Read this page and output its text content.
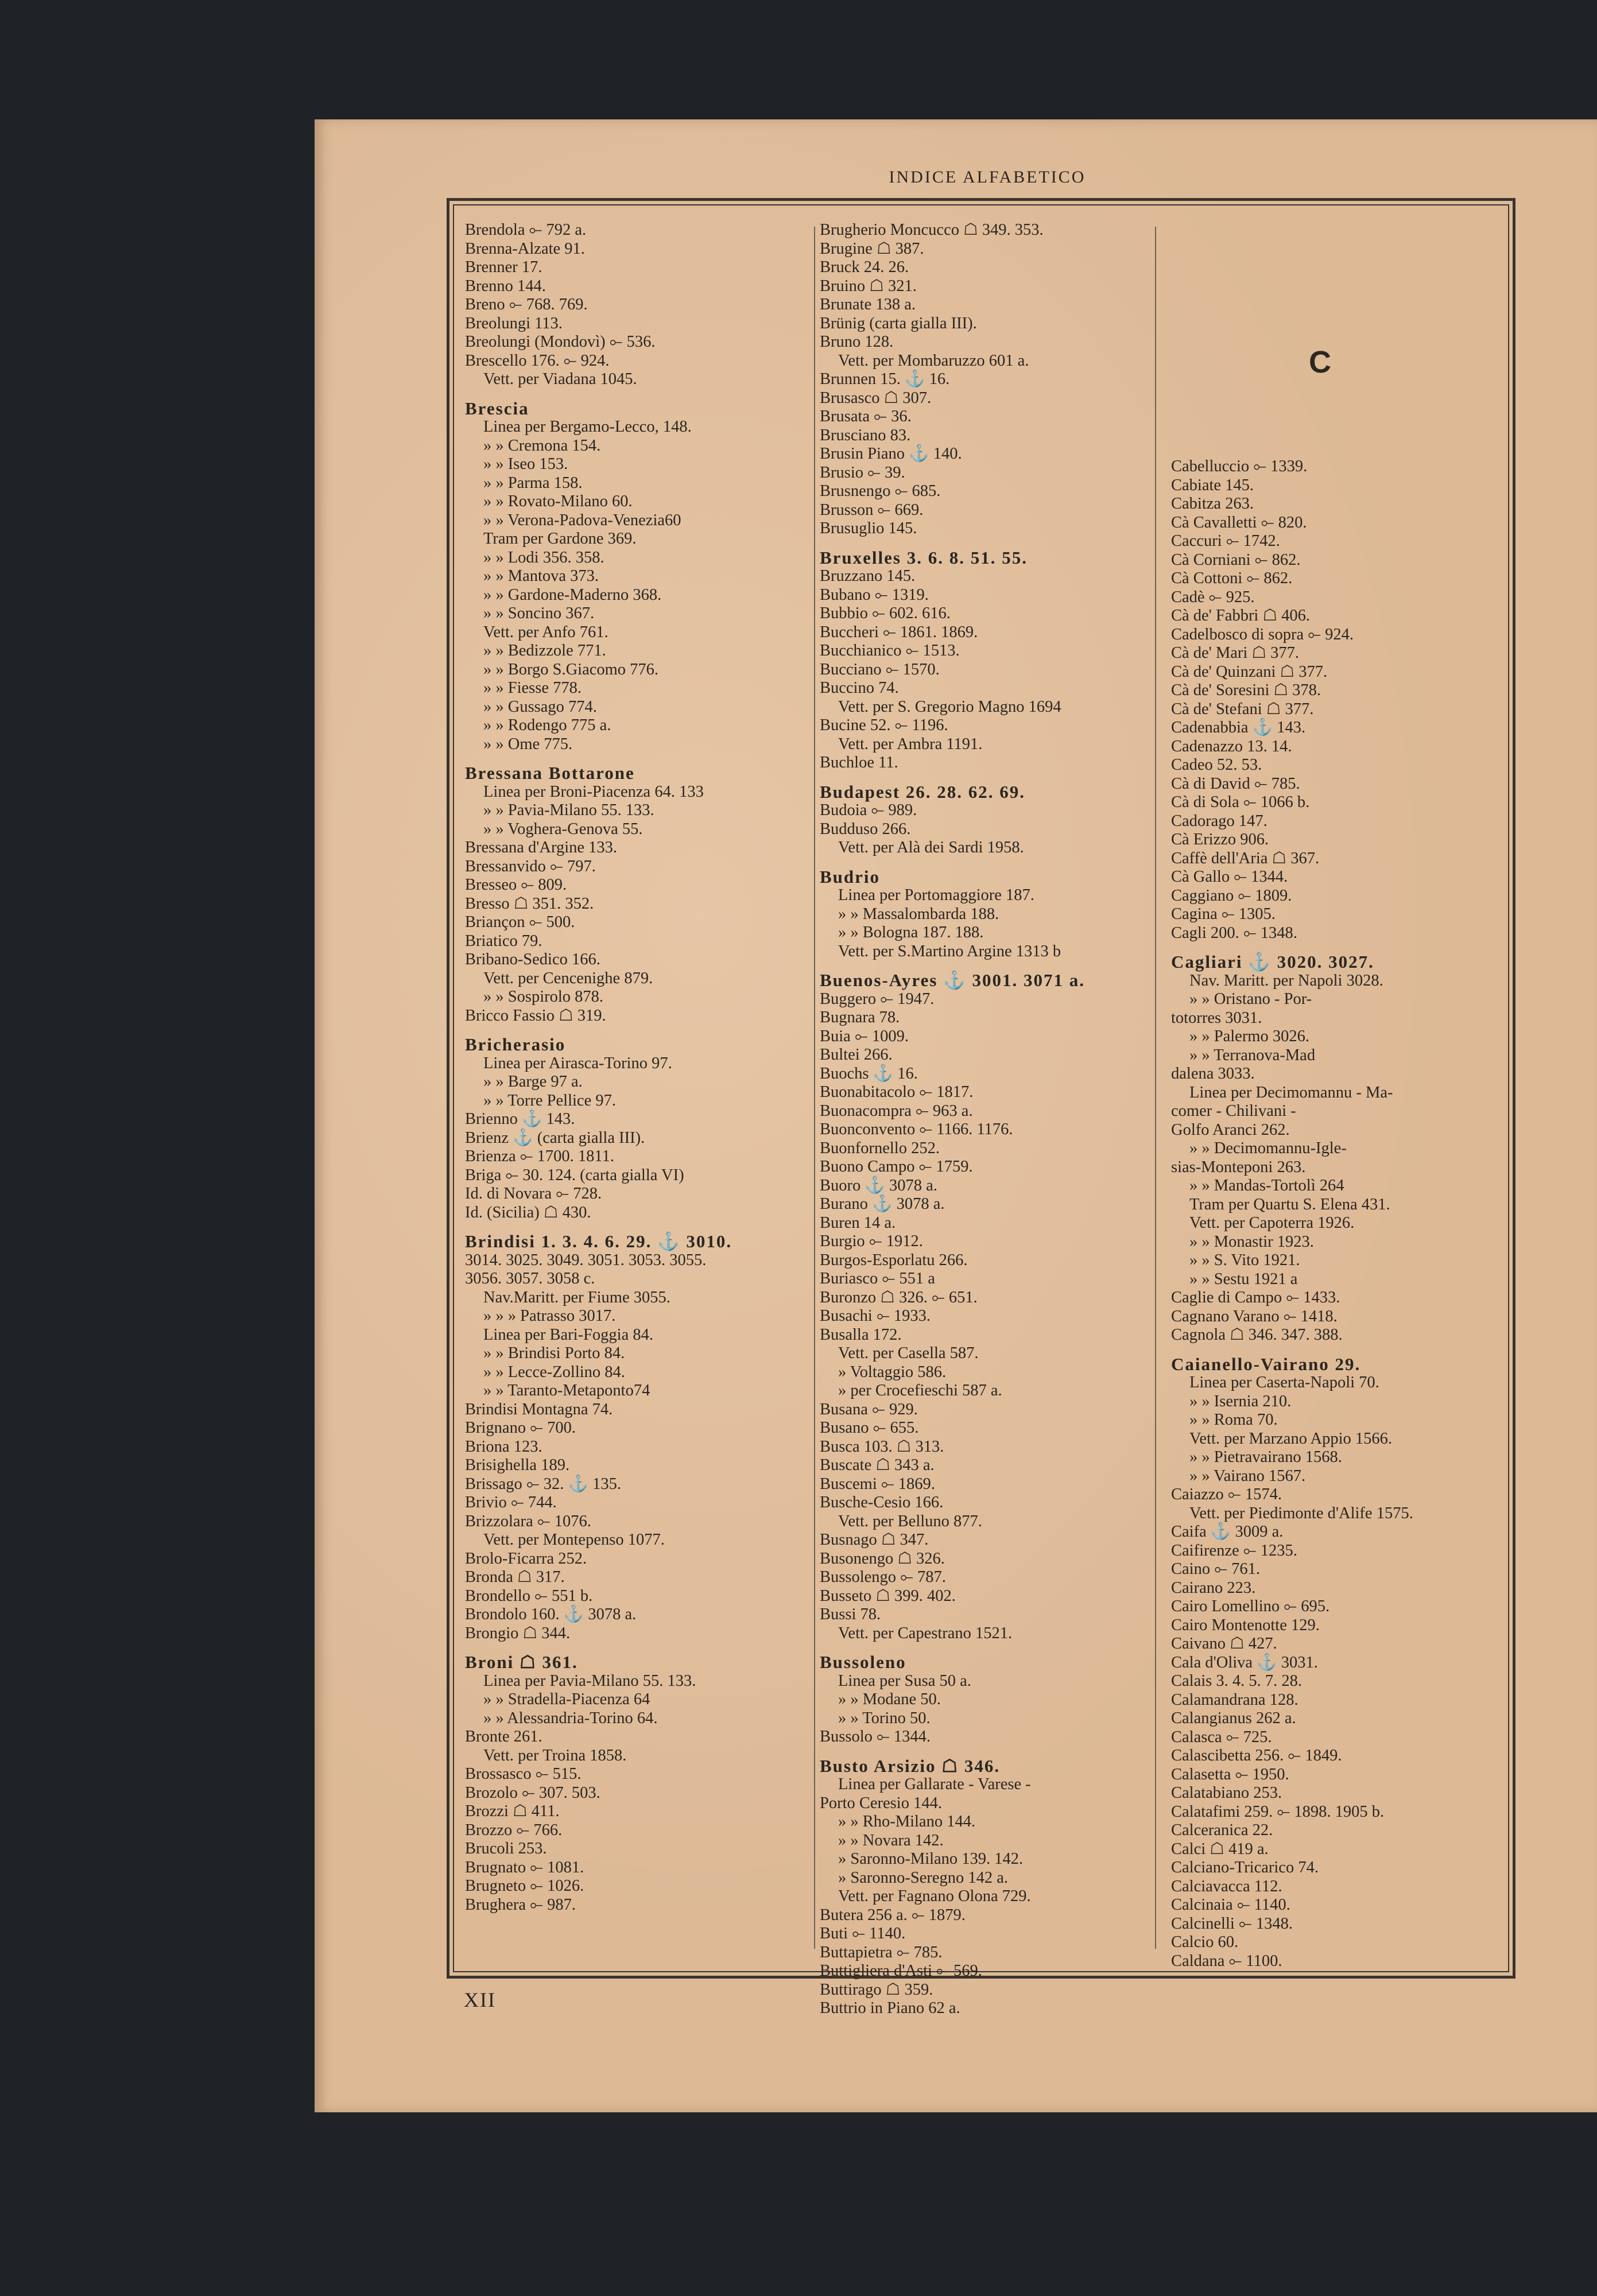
INDICE ALFABETICO
Brendola ⟜ 792 a.
Brenna-Alzate 91.
Brenner 17.
Brenno 144.
Breno ⟜ 768. 769.
Breolungi 113.
Breolungi (Mondovì) ⟜ 536.
Brescello 176. ⟜ 924.
Vett. per Viadana 1045.
Brescia
Linea per Bergamo-Lecco, 148.
» » Cremona 154.
» » Iseo 153.
» » Parma 158.
» » Rovato-Milano 60.
» » Verona-Padova-Venezia60
Tram per Gardone 369.
» » Lodi 356. 358.
» » Mantova 373.
» » Gardone-Maderno 368.
» » Soncino 367.
Vett. per Anfo 761.
» » Bedizzole 771.
» » Borgo S.Giacomo 776.
» » Fiesse 778.
» » Gussago 774.
» » Rodengo 775 a.
» » Ome 775.
Bressana Bottarone
Linea per Broni-Piacenza 64. 133
» » Pavia-Milano 55. 133.
» » Voghera-Genova 55.
Bressana d'Argine 133.
Bressanvido ⟜ 797.
Bresseo ⟜ 809.
Bresso ☖ 351. 352.
Briançon ⟜ 500.
Briatico 79.
Bribano-Sedico 166.
Vett. per Cencenighe 879.
» » Sospirolo 878.
Bricco Fassio ☖ 319.
Bricherasio
Linea per Airasca-Torino 97.
» » Barge 97 a.
» » Torre Pellice 97.
Brienno ⚓ 143.
Brienz ⚓ (carta gialla III).
Brienza ⟜ 1700. 1811.
Briga ⟜ 30. 124. (carta gialla VI)
Id. di Novara ⟜ 728.
Id. (Sicilia) ☖ 430.
Brindisi 1. 3. 4. 6. 29. ⚓ 3010.
3014. 3025. 3049. 3051. 3053. 3055.
3056. 3057. 3058 c.
Nav.Maritt. per Fiume 3055.
» » » Patrasso 3017.
Linea per Bari-Foggia 84.
» » Brindisi Porto 84.
» » Lecce-Zollino 84.
» » Taranto-Metaponto74
Brindisi Montagna 74.
Brignano ⟜ 700.
Briona 123.
Brisighella 189.
Brissago ⟜ 32. ⚓ 135.
Brivio ⟜ 744.
Brizzolara ⟜ 1076.
Vett. per Montepenso 1077.
Brolo-Ficarra 252.
Bronda ☖ 317.
Brondello ⟜ 551 b.
Brondolo 160. ⚓ 3078 a.
Brongio ☖ 344.
Broni ☖ 361.
Linea per Pavia-Milano 55. 133.
» » Stradella-Piacenza 64
» » Alessandria-Torino 64.
Bronte 261.
Vett. per Troina 1858.
Brossasco ⟜ 515.
Brozolo ⟜ 307. 503.
Brozzi ☖ 411.
Brozzo ⟜ 766.
Brucoli 253.
Brugnato ⟜ 1081.
Brugneto ⟜ 1026.
Brughera ⟜ 987.
Brugherio Moncucco ☖ 349. 353.
Brugine ☖ 387.
Bruck 24. 26.
Bruino ☖ 321.
Brunate 138 a.
Brünig (carta gialla III).
Bruno 128.
Vett. per Mombaruzzo 601 a.
Brunnen 15. ⚓ 16.
Brusasco ☖ 307.
Brusata ⟜ 36.
Brusciano 83.
Brusin Piano ⚓ 140.
Brusio ⟜ 39.
Brusnengo ⟜ 685.
Brusson ⟜ 669.
Brusuglio 145.
Bruxelles 3. 6. 8. 51. 55.
Bruzzano 145.
Bubano ⟜ 1319.
Bubbio ⟜ 602. 616.
Buccheri ⟜ 1861. 1869.
Bucchianico ⟜ 1513.
Bucciano ⟜ 1570.
Buccino 74.
Vett. per S. Gregorio Magno 1694
Bucine 52. ⟜ 1196.
Vett. per Ambra 1191.
Buchloe 11.
Budapest 26. 28. 62. 69.
Budoia ⟜ 989.
Budduso 266.
Vett. per Alà dei Sardi 1958.
Budrio
Linea per Portomaggiore 187.
» » Massalombarda 188.
» » Bologna 187. 188.
Vett. per S.Martino Argine 1313 b
Buenos-Ayres ⚓ 3001. 3071 a.
Buggero ⟜ 1947.
Bugnara 78.
Buia ⟜ 1009.
Bultei 266.
Buochs ⚓ 16.
Buonabitacolo ⟜ 1817.
Buonacompra ⟜ 963 a.
Buonconvento ⟜ 1166. 1176.
Buonfornello 252.
Buono Campo ⟜ 1759.
Buoro ⚓ 3078 a.
Burano ⚓ 3078 a.
Buren 14 a.
Burgio ⟜ 1912.
Burgos-Esporlatu 266.
Buriasco ⟜ 551 a
Buronzo ☖ 326. ⟜ 651.
Busachi ⟜ 1933.
Busalla 172.
Vett. per Casella 587.
» Voltaggio 586.
» per Crocefieschi 587 a.
Busana ⟜ 929.
Busano ⟜ 655.
Busca 103. ☖ 313.
Buscate ☖ 343 a.
Buscemi ⟜ 1869.
Busche-Cesio 166.
Vett. per Belluno 877.
Busnago ☖ 347.
Busonengo ☖ 326.
Bussolengo ⟜ 787.
Busseto ☖ 399. 402.
Bussi 78.
Vett. per Capestrano 1521.
Bussoleno
Linea per Susa 50 a.
» » Modane 50.
» » Torino 50.
Bussolo ⟜ 1344.
Busto Arsizio ☖ 346.
Linea per Gallarate - Varese -
Porto Ceresio 144.
» » Rho-Milano 144.
» » Novara 142.
» Saronno-Milano 139. 142.
» Saronno-Seregno 142 a.
Vett. per Fagnano Olona 729.
Butera 256 a. ⟜ 1879.
Buti ⟜ 1140.
Buttapietra ⟜ 785.
Buttigliera d'Asti ⟜ 569.
Buttirago ☖ 359.
Buttrio in Piano 62 a.
C
Cabelluccio ⟜ 1339.
Cabiate 145.
Cabitza 263.
Cà Cavalletti ⟜ 820.
Caccuri ⟜ 1742.
Cà Corniani ⟜ 862.
Cà Cottoni ⟜ 862.
Cadè ⟜ 925.
Cà de' Fabbri ☖ 406.
Cadelbosco di sopra ⟜ 924.
Cà de' Mari ☖ 377.
Cà de' Quinzani ☖ 377.
Cà de' Soresini ☖ 378.
Cà de' Stefani ☖ 377.
Cadenabbia ⚓ 143.
Cadenazzo 13. 14.
Cadeo 52. 53.
Cà di David ⟜ 785.
Cà di Sola ⟜ 1066 b.
Cadorago 147.
Cà Erizzo 906.
Caffè dell'Aria ☖ 367.
Cà Gallo ⟜ 1344.
Caggiano ⟜ 1809.
Cagina ⟜ 1305.
Cagli 200. ⟜ 1348.
Cagliari ⚓ 3020. 3027.
Nav. Maritt. per Napoli 3028.
» » Oristano - Por-
totorres 3031.
» » Palermo 3026.
» » Terranova-Mad
dalena 3033.
Linea per Decimomannu - Ma-
comer - Chilivani -
Golfo Aranci 262.
» » Decimomannu-Igle-
sias-Monteponi 263.
» » Mandas-Tortolì 264
Tram per Quartu S. Elena 431.
Vett. per Capoterra 1926.
» » Monastir 1923.
» » S. Vito 1921.
» » Sestu 1921 a
Caglie di Campo ⟜ 1433.
Cagnano Varano ⟜ 1418.
Cagnola ☖ 346. 347. 388.
Caianello-Vairano 29.
Linea per Caserta-Napoli 70.
» » Isernia 210.
» » Roma 70.
Vett. per Marzano Appio 1566.
» » Pietravairano 1568.
» » Vairano 1567.
Caiazzo ⟜ 1574.
Vett. per Piedimonte d'Alife 1575.
Caifa ⚓ 3009 a.
Caifirenze ⟜ 1235.
Caino ⟜ 761.
Cairano 223.
Cairo Lomellino ⟜ 695.
Cairo Montenotte 129.
Caivano ☖ 427.
Cala d'Oliva ⚓ 3031.
Calais 3. 4. 5. 7. 28.
Calamandrana 128.
Calangianus 262 a.
Calasca ⟜ 725.
Calascibetta 256. ⟜ 1849.
Calasetta ⟜ 1950.
Calatabiano 253.
Calatafimi 259. ⟜ 1898. 1905 b.
Calceranica 22.
Calci ☖ 419 a.
Calciano-Tricarico 74.
Calciavacca 112.
Calcinaia ⟜ 1140.
Calcinelli ⟜ 1348.
Calcio 60.
Caldana ⟜ 1100.
XII
